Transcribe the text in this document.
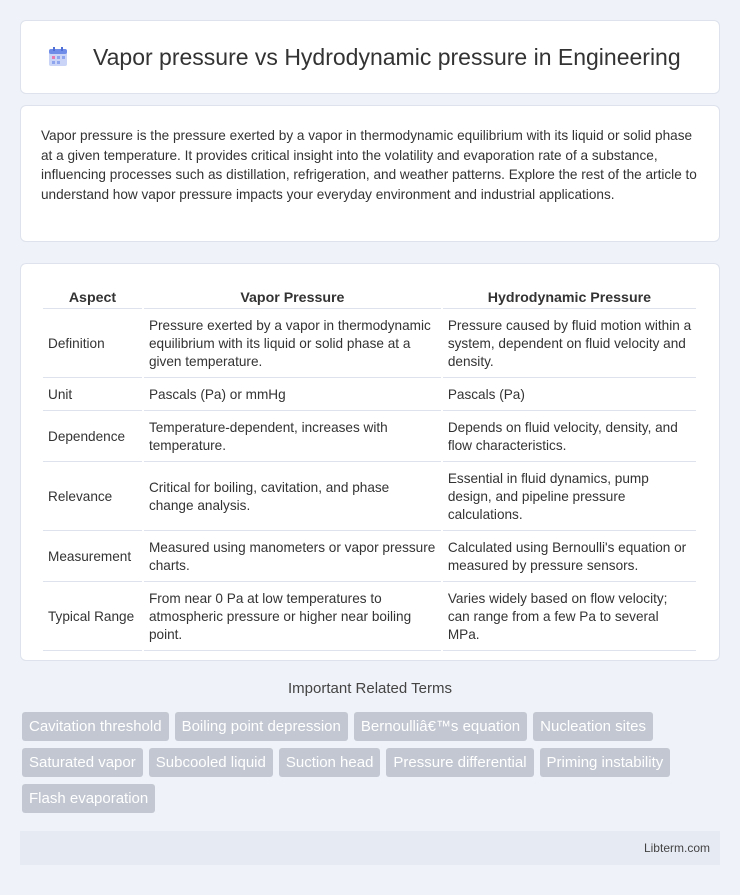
Vapor pressure vs Hydrodynamic pressure in Engineering

Vapor pressure is the pressure exerted by a vapor in thermodynamic equilibrium with its liquid or solid phase at a given temperature. It provides critical insight into the volatility and evaporation rate of a substance, influencing processes such as distillation, refrigeration, and weather patterns. Explore the rest of the article to understand how vapor pressure impacts your everyday environment and industrial applications.

Aspect	Vapor Pressure	Hydrodynamic Pressure
Definition	Pressure exerted by a vapor in thermodynamic equilibrium with its liquid or solid phase at a given temperature.	Pressure caused by fluid motion within a system, dependent on fluid velocity and density.
Unit	Pascals (Pa) or mmHg	Pascals (Pa)
Dependence	Temperature-dependent, increases with temperature.	Depends on fluid velocity, density, and flow characteristics.
Relevance	Critical for boiling, cavitation, and phase change analysis.	Essential in fluid dynamics, pump design, and pipeline pressure calculations.
Measurement	Measured using manometers or vapor pressure charts.	Calculated using Bernoulli's equation or measured by pressure sensors.
Typical Range	From near 0 Pa at low temperatures to atmospheric pressure or higher near boiling point.	Varies widely based on flow velocity; can range from a few Pa to several MPa.
Important Related Terms
Cavitation threshold	Boiling point depression	Bernoulliâ€™s equation	Nucleation sites
Saturated vapor	Subcooled liquid	Suction head	Pressure differential	Priming instability
Flash evaporation
Libterm.com
